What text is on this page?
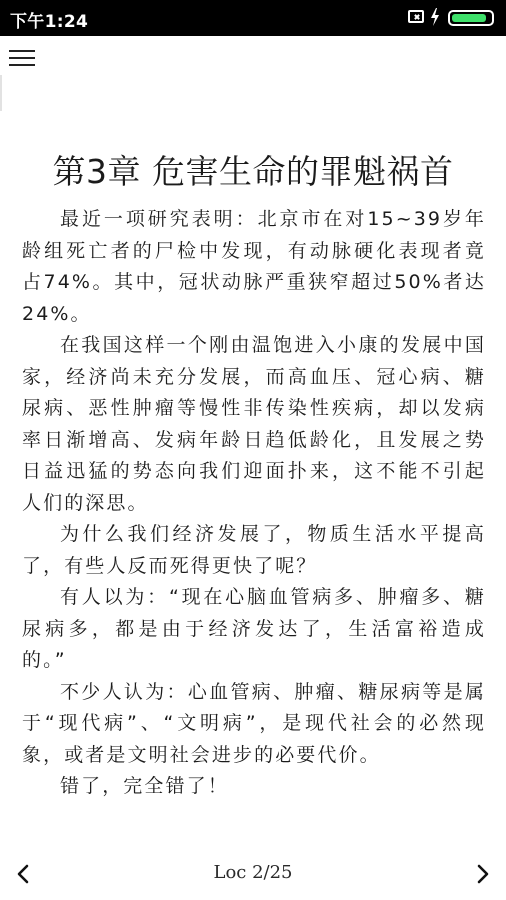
下午1:24
第3章 危害生命的罪魁祸首

最近一项研究表明：北京市在对15~39岁年龄组死亡者的尸检中发现，有动脉硬化表现者竟占74%。其中，冠状动脉严重狭窄超过50%者达24%。

在我国这样一个刚由温饱进入小康的发展中国家，经济尚未充分发展，而高血压、冠心病、糖尿病、恶性肿瘤等慢性非传染性疾病，却以发病率日渐增高、发病年龄日趋低龄化，且发展之势日益迅猛的势态向我们迎面扑来，这不能不引起人们的深思。

为什么我们经济发展了，物质生活水平提高了，有些人反而死得更快了呢？

有人以为：“现在心脑血管病多、肿瘤多、糖尿病多，都是由于经济发达了，生活富裕造成的。”

不少人认为：心血管病、肿瘤、糖尿病等是属于“现代病”、“文明病”，是现代社会的必然现象，或者是文明社会进步的必要代价。

错了，完全错了！

Loc 2/25
